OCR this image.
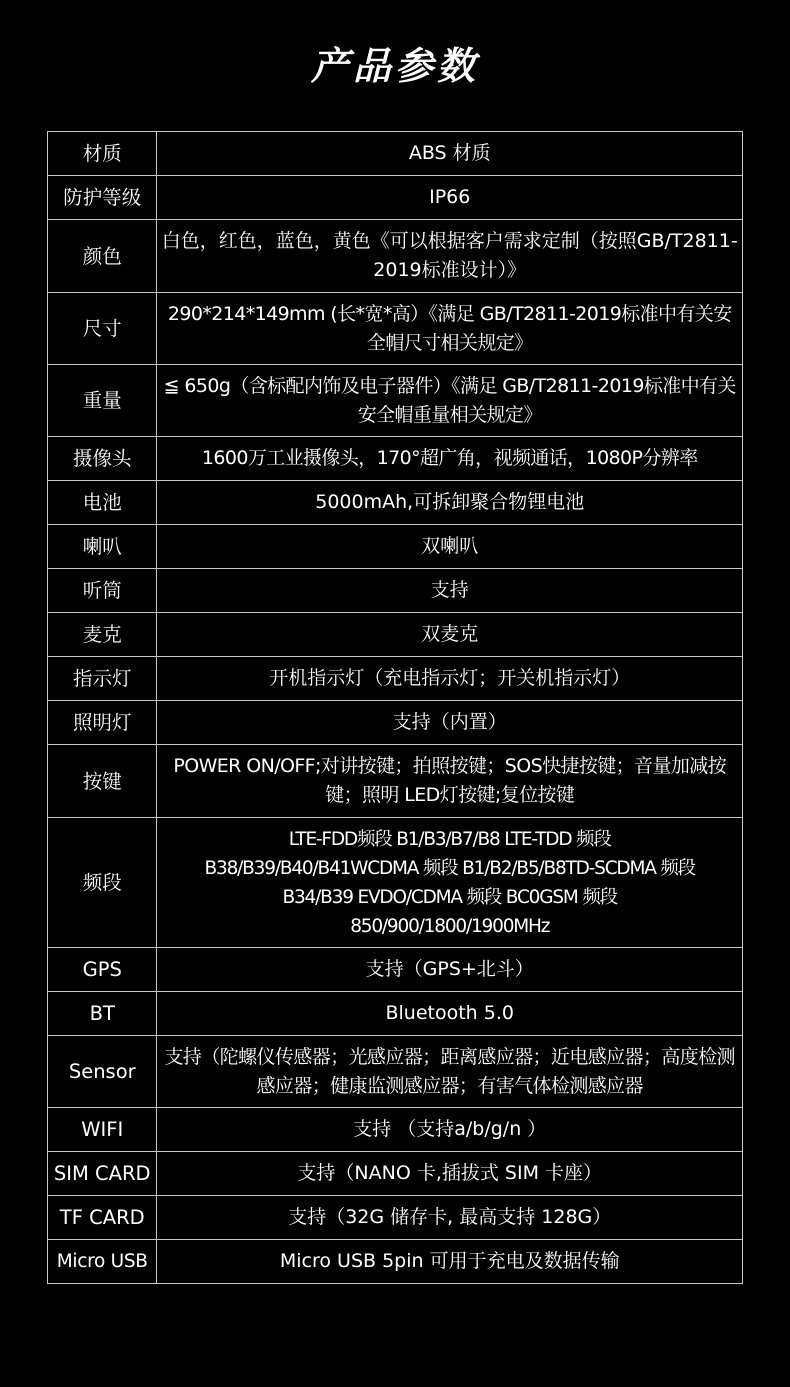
产品参数
材质	ABS 材质
防护等级	IP66
颜色	白色，红色，蓝色，黄色《可以根据客户需求定制（按照GB/T2811-2019标准设计）》
尺寸	290*214*149mm (长*宽*高）《满足 GB/T2811-2019标准中有关安全帽尺寸相关规定》
重量	≦ 650g（含标配内饰及电子器件）《满足 GB/T2811-2019标准中有关安全帽重量相关规定》
摄像头	1600万工业摄像头，170°超广角，视频通话，1080P分辨率
电池	5000mAh,可拆卸聚合物锂电池
喇叭	双喇叭
听筒	支持
麦克	双麦克
指示灯	开机指示灯（充电指示灯；开关机指示灯）
照明灯	支持（内置）
按键	POWER ON/OFF;对讲按键；拍照按键；SOS快捷按键；音量加减按键；照明 LED灯按键;复位按键
频段	LTE-FDD频段 B1/B3/B7/B8 LTE-TDD 频段B38/B39/B40/B41WCDMA 频段 B1/B2/B5/B8TD-SCDMA 频段 B34/B39 EVDO/CDMA 频段 BC0GSM 频段850/900/1800/1900MHz
GPS	支持（GPS+北斗）
BT	Bluetooth 5.0
Sensor	支持（陀螺仪传感器；光感应器；距离感应器；近电感应器；高度检测感应器；健康监测感应器；有害气体检测感应器
WIFI	支持 （支持a/b/g/n ）
SIM CARD	支持（NANO 卡,插拔式 SIM 卡座）
TF CARD	支持（32G 储存卡, 最高支持 128G）
Micro USB	Micro USB 5pin 可用于充电及数据传输
